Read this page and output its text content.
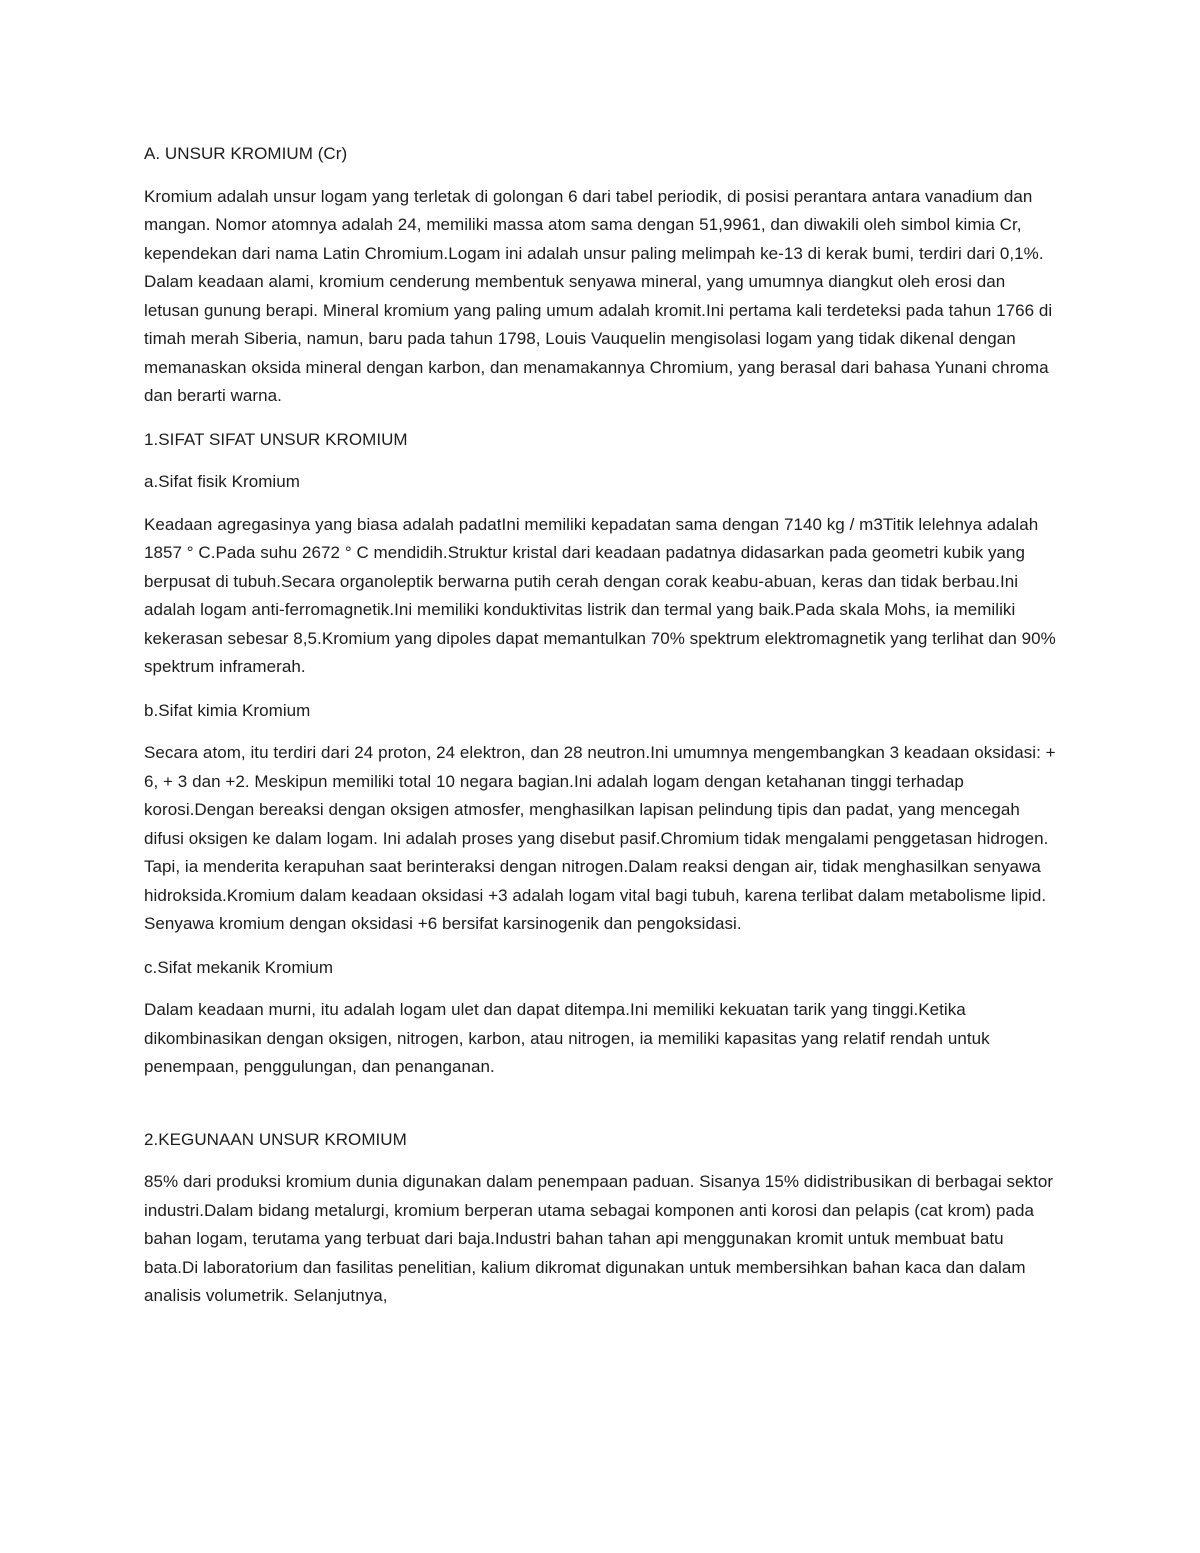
A. UNSUR KROMIUM (Cr)

Kromium adalah unsur logam yang terletak di golongan 6 dari tabel periodik, di posisi perantara antara vanadium dan mangan. Nomor atomnya adalah 24, memiliki massa atom sama dengan 51,9961, dan diwakili oleh simbol kimia Cr, kependekan dari nama Latin Chromium.Logam ini adalah unsur paling melimpah ke-13 di kerak bumi, terdiri dari 0,1%. Dalam keadaan alami, kromium cenderung membentuk senyawa mineral, yang umumnya diangkut oleh erosi dan letusan gunung berapi. Mineral kromium yang paling umum adalah kromit.Ini pertama kali terdeteksi pada tahun 1766 di timah merah Siberia, namun, baru pada tahun 1798, Louis Vauquelin mengisolasi logam yang tidak dikenal dengan memanaskan oksida mineral dengan karbon, dan menamakannya Chromium, yang berasal dari bahasa Yunani chroma dan berarti warna.

1.SIFAT SIFAT UNSUR KROMIUM

a.Sifat fisik Kromium

Keadaan agregasinya yang biasa adalah padatIni memiliki kepadatan sama dengan 7140 kg / m3Titik lelehnya adalah 1857 ° C.Pada suhu 2672 ° C mendidih.Struktur kristal dari keadaan padatnya didasarkan pada geometri kubik yang berpusat di tubuh.Secara organoleptik berwarna putih cerah dengan corak keabu-abuan, keras dan tidak berbau.Ini adalah logam anti-ferromagnetik.Ini memiliki konduktivitas listrik dan termal yang baik.Pada skala Mohs, ia memiliki kekerasan sebesar 8,5.Kromium yang dipoles dapat memantulkan 70% spektrum elektromagnetik yang terlihat dan 90% spektrum inframerah.

b.Sifat kimia Kromium

Secara atom, itu terdiri dari 24 proton, 24 elektron, dan 28 neutron.Ini umumnya mengembangkan 3 keadaan oksidasi: + 6, + 3 dan +2. Meskipun memiliki total 10 negara bagian.Ini adalah logam dengan ketahanan tinggi terhadap korosi.Dengan bereaksi dengan oksigen atmosfer, menghasilkan lapisan pelindung tipis dan padat, yang mencegah difusi oksigen ke dalam logam. Ini adalah proses yang disebut pasif.Chromium tidak mengalami penggetasan hidrogen. Tapi, ia menderita kerapuhan saat berinteraksi dengan nitrogen.Dalam reaksi dengan air, tidak menghasilkan senyawa hidroksida.Kromium dalam keadaan oksidasi +3 adalah logam vital bagi tubuh, karena terlibat dalam metabolisme lipid. Senyawa kromium dengan oksidasi +6 bersifat karsinogenik dan pengoksidasi.

c.Sifat mekanik Kromium

Dalam keadaan murni, itu adalah logam ulet dan dapat ditempa.Ini memiliki kekuatan tarik yang tinggi.Ketika dikombinasikan dengan oksigen, nitrogen, karbon, atau nitrogen, ia memiliki kapasitas yang relatif rendah untuk penempaan, penggulungan, dan penanganan.

2.KEGUNAAN UNSUR KROMIUM

85% dari produksi kromium dunia digunakan dalam penempaan paduan. Sisanya 15% didistribusikan di berbagai sektor industri.Dalam bidang metalurgi, kromium berperan utama sebagai komponen anti korosi dan pelapis (cat krom) pada bahan logam, terutama yang terbuat dari baja.Industri bahan tahan api menggunakan kromit untuk membuat batu bata.Di laboratorium dan fasilitas penelitian, kalium dikromat digunakan untuk membersihkan bahan kaca dan dalam analisis volumetrik. Selanjutnya,
